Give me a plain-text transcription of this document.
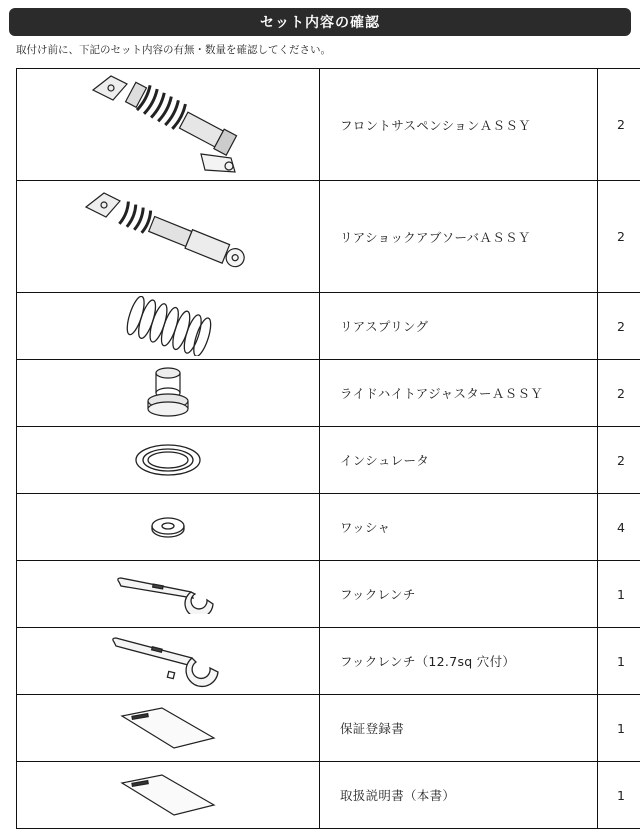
セット内容の確認
取付け前に、下記のセット内容の有無・数量を確認してください。
	フロントサスペンションＡＳＳＹ	2

	リアショックアブソーバＡＳＳＹ	2

	リアスプリング	2

	ライドハイトアジャスターＡＳＳＹ	2

	インシュレータ	2

	ワッシャ	4

	フックレンチ	1

	フックレンチ（12.7sq 穴付）	1

	保証登録書	1

	取扱説明書（本書）	1
